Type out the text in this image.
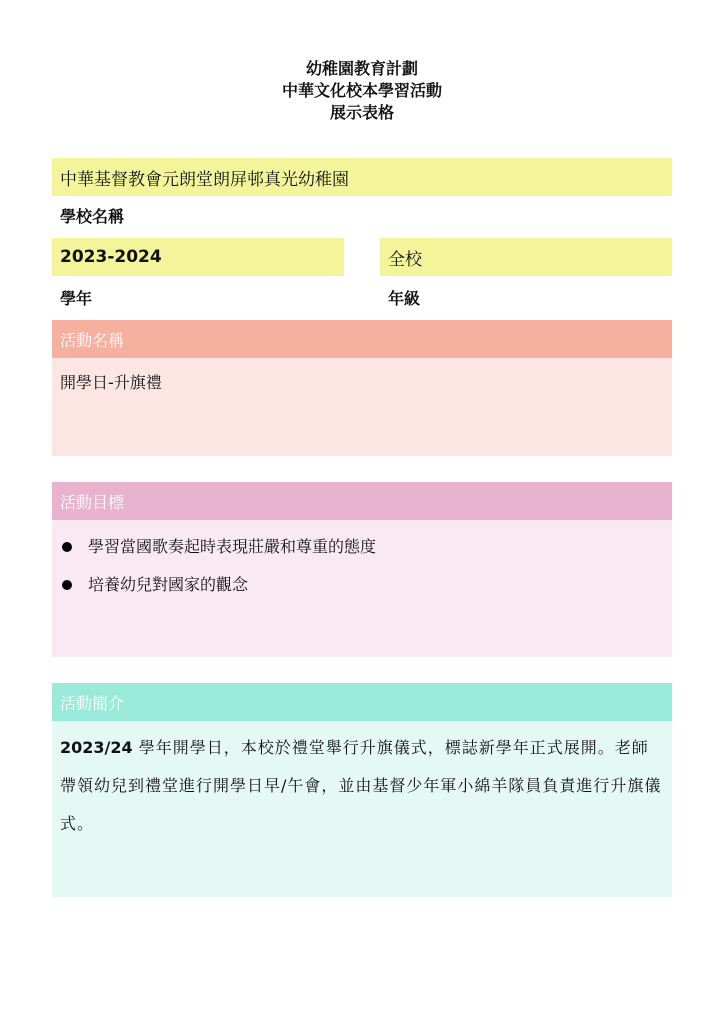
幼稚園教育計劃
中華文化校本學習活動
展示表格
中華基督教會元朗堂朗屏邨真光幼稚園
學校名稱
2023-2024	全校
學年	年級
活動名稱
開學日-升旗禮
活動目標
學習當國歌奏起時表現莊嚴和尊重的態度
培養幼兒對國家的觀念
活動簡介
2023/24 學年開學日，本校於禮堂舉行升旗儀式，標誌新學年正式展開。老師帶領幼兒到禮堂進行開學日早/午會，並由基督少年軍小綿羊隊員負責進行升旗儀式。
